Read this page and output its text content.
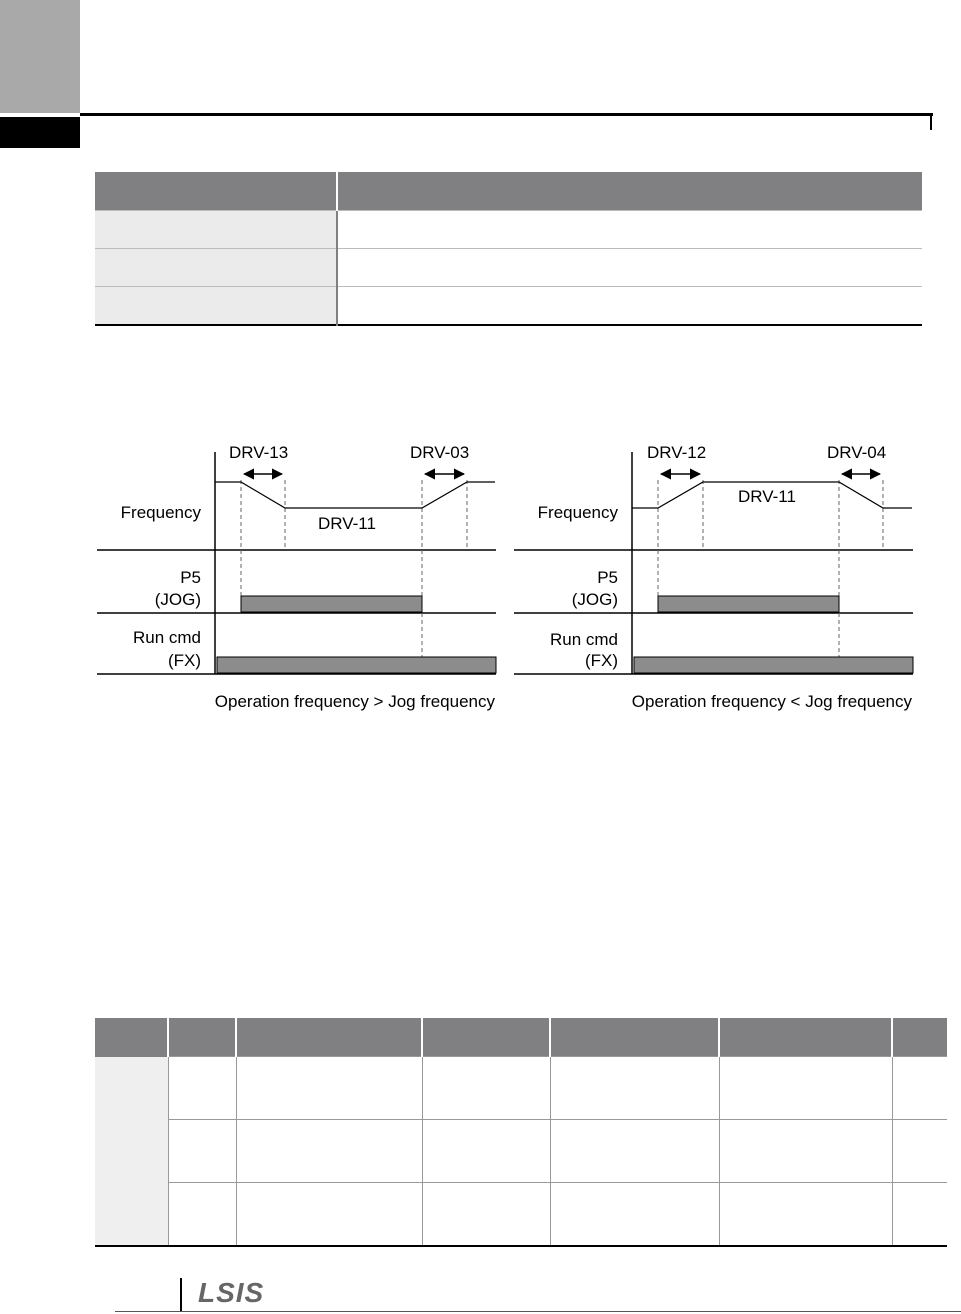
DRV-13	DRV-03
DRV-11
Frequency
P5
(JOG)
Run cmd
(FX)
Operation frequency > Jog frequency
DRV-12	DRV-04
DRV-11
Frequency
P5
(JOG)
Run cmd
(FX)
Operation frequency < Jog frequency

LSIS
